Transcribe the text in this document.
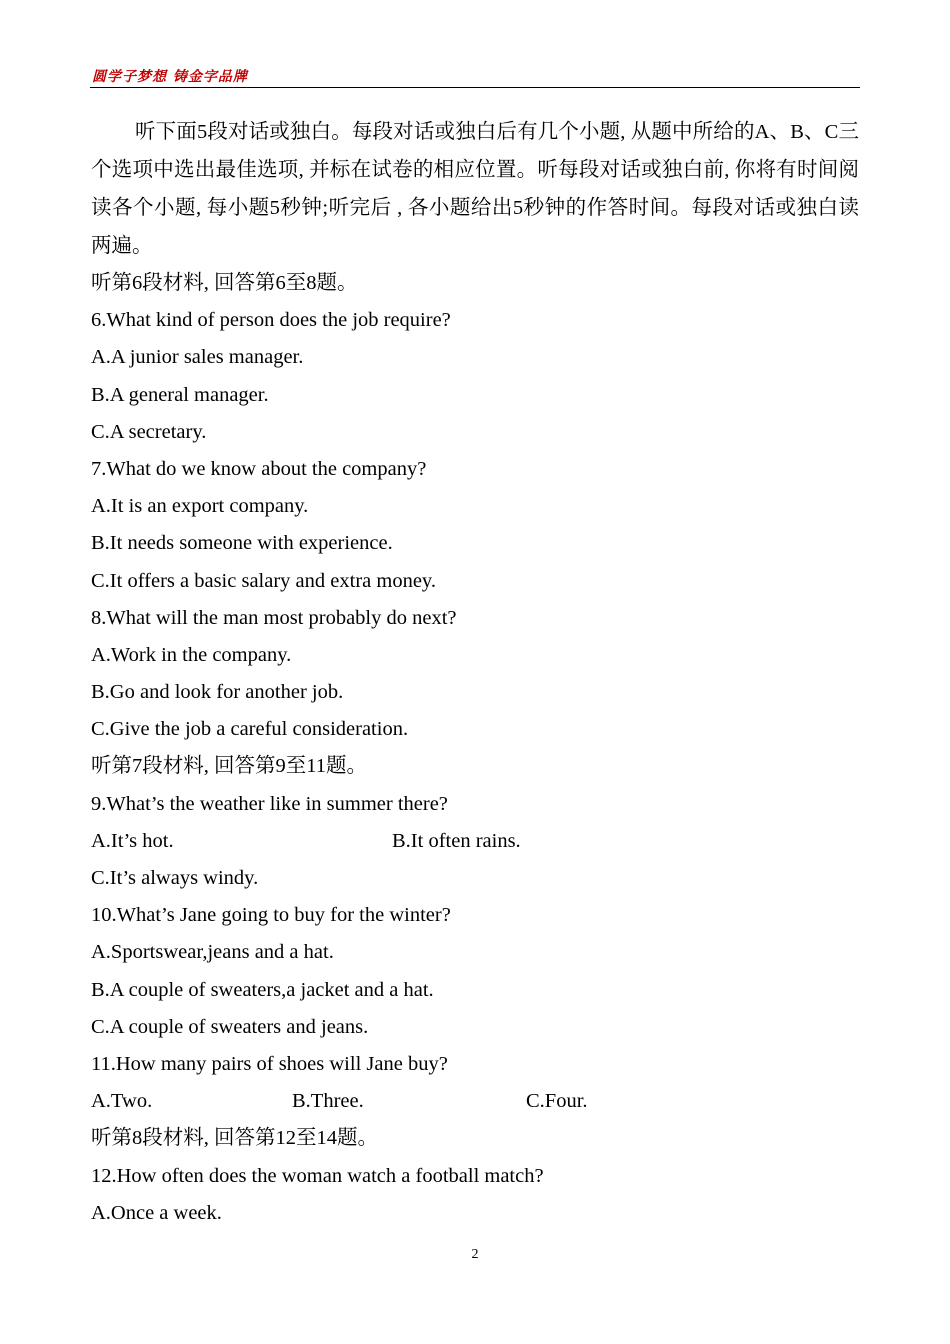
圆学子梦想 铸金字品牌

听下面5段对话或独白。每段对话或独白后有几个小题, 从题中所给的A、B、C三个选项中选出最佳选项, 并标在试卷的相应位置。听每段对话或独白前, 你将有时间阅读各个小题, 每小题5秒钟;听完后 , 各小题给出5秒钟的作答时间。每段对话或独白读两遍。

听第6段材料, 回答第6至8题。
6.What kind of person does the job require?
A.A junior sales manager.
B.A general manager.
C.A secretary.
7.What do we know about the company?
A.It is an export company.
B.It needs someone with experience.
C.It offers a basic salary and extra money.
8.What will the man most probably do next?
A.Work in the company.
B.Go and look for another job.
C.Give the job a careful consideration.
听第7段材料, 回答第9至11题。
9.What’s the weather like in summer there?
A.It’s hot.	B.It often rains.
C.It’s always windy.
10.What’s Jane going to buy for the winter?
A.Sportswear,jeans and a hat.
B.A couple of sweaters,a jacket and a hat.
C.A couple of sweaters and jeans.
11.How many pairs of shoes will Jane buy?
A.Two.	B.Three.	C.Four.
听第8段材料, 回答第12至14题。
12.How often does the woman watch a football match?
A.Once a week.
2
